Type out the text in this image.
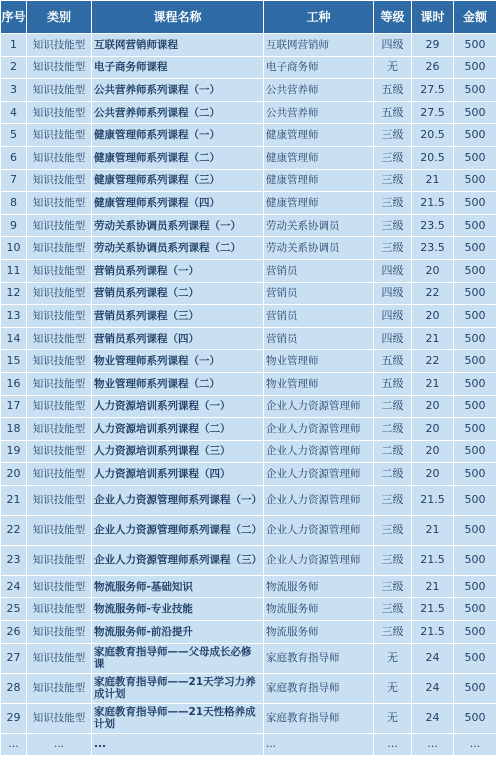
序号	类别	课程名称	工种	等级	课时	金额
1	知识技能型	互联网营销师课程	互联网营销师	四级	29	500
2	知识技能型	电子商务师课程	电子商务师	无	26	500
3	知识技能型	公共营养师系列课程（一）	公共营养师	五级	27.5	500
4	知识技能型	公共营养师系列课程（二）	公共营养师	五级	27.5	500
5	知识技能型	健康管理师系列课程（一）	健康管理师	三级	20.5	500
6	知识技能型	健康管理师系列课程（二）	健康管理师	三级	20.5	500
7	知识技能型	健康管理师系列课程（三）	健康管理师	三级	21	500
8	知识技能型	健康管理师系列课程（四）	健康管理师	三级	21.5	500
9	知识技能型	劳动关系协调员系列课程（一）	劳动关系协调员	三级	23.5	500
10	知识技能型	劳动关系协调员系列课程（二）	劳动关系协调员	三级	23.5	500
11	知识技能型	营销员系列课程（一）	营销员	四级	20	500
12	知识技能型	营销员系列课程（二）	营销员	四级	22	500
13	知识技能型	营销员系列课程（三）	营销员	四级	20	500
14	知识技能型	营销员系列课程（四）	营销员	四级	21	500
15	知识技能型	物业管理师系列课程（一）	物业管理师	五级	22	500
16	知识技能型	物业管理师系列课程（二）	物业管理师	五级	21	500
17	知识技能型	人力资源培训系列课程（一）	企业人力资源管理师	二级	20	500
18	知识技能型	人力资源培训系列课程（二）	企业人力资源管理师	二级	20	500
19	知识技能型	人力资源培训系列课程（三）	企业人力资源管理师	二级	20	500
20	知识技能型	人力资源培训系列课程（四）	企业人力资源管理师	二级	20	500
21	知识技能型	企业人力资源管理师系列课程（一）	企业人力资源管理师	三级	21.5	500
22	知识技能型	企业人力资源管理师系列课程（二）	企业人力资源管理师	三级	21	500
23	知识技能型	企业人力资源管理师系列课程（三）	企业人力资源管理师	三级	21.5	500
24	知识技能型	物流服务师-基础知识	物流服务师	三级	21	500
25	知识技能型	物流服务师-专业技能	物流服务师	三级	21.5	500
26	知识技能型	物流服务师-前沿提升	物流服务师	三级	21.5	500
27	知识技能型	家庭教育指导师——父母成长必修课	家庭教育指导师	无	24	500
28	知识技能型	家庭教育指导师——21天学习力养成计划	家庭教育指导师	无	24	500
29	知识技能型	家庭教育指导师——21天性格养成计划	家庭教育指导师	无	24	500
...	...	...	...	...	...	...
